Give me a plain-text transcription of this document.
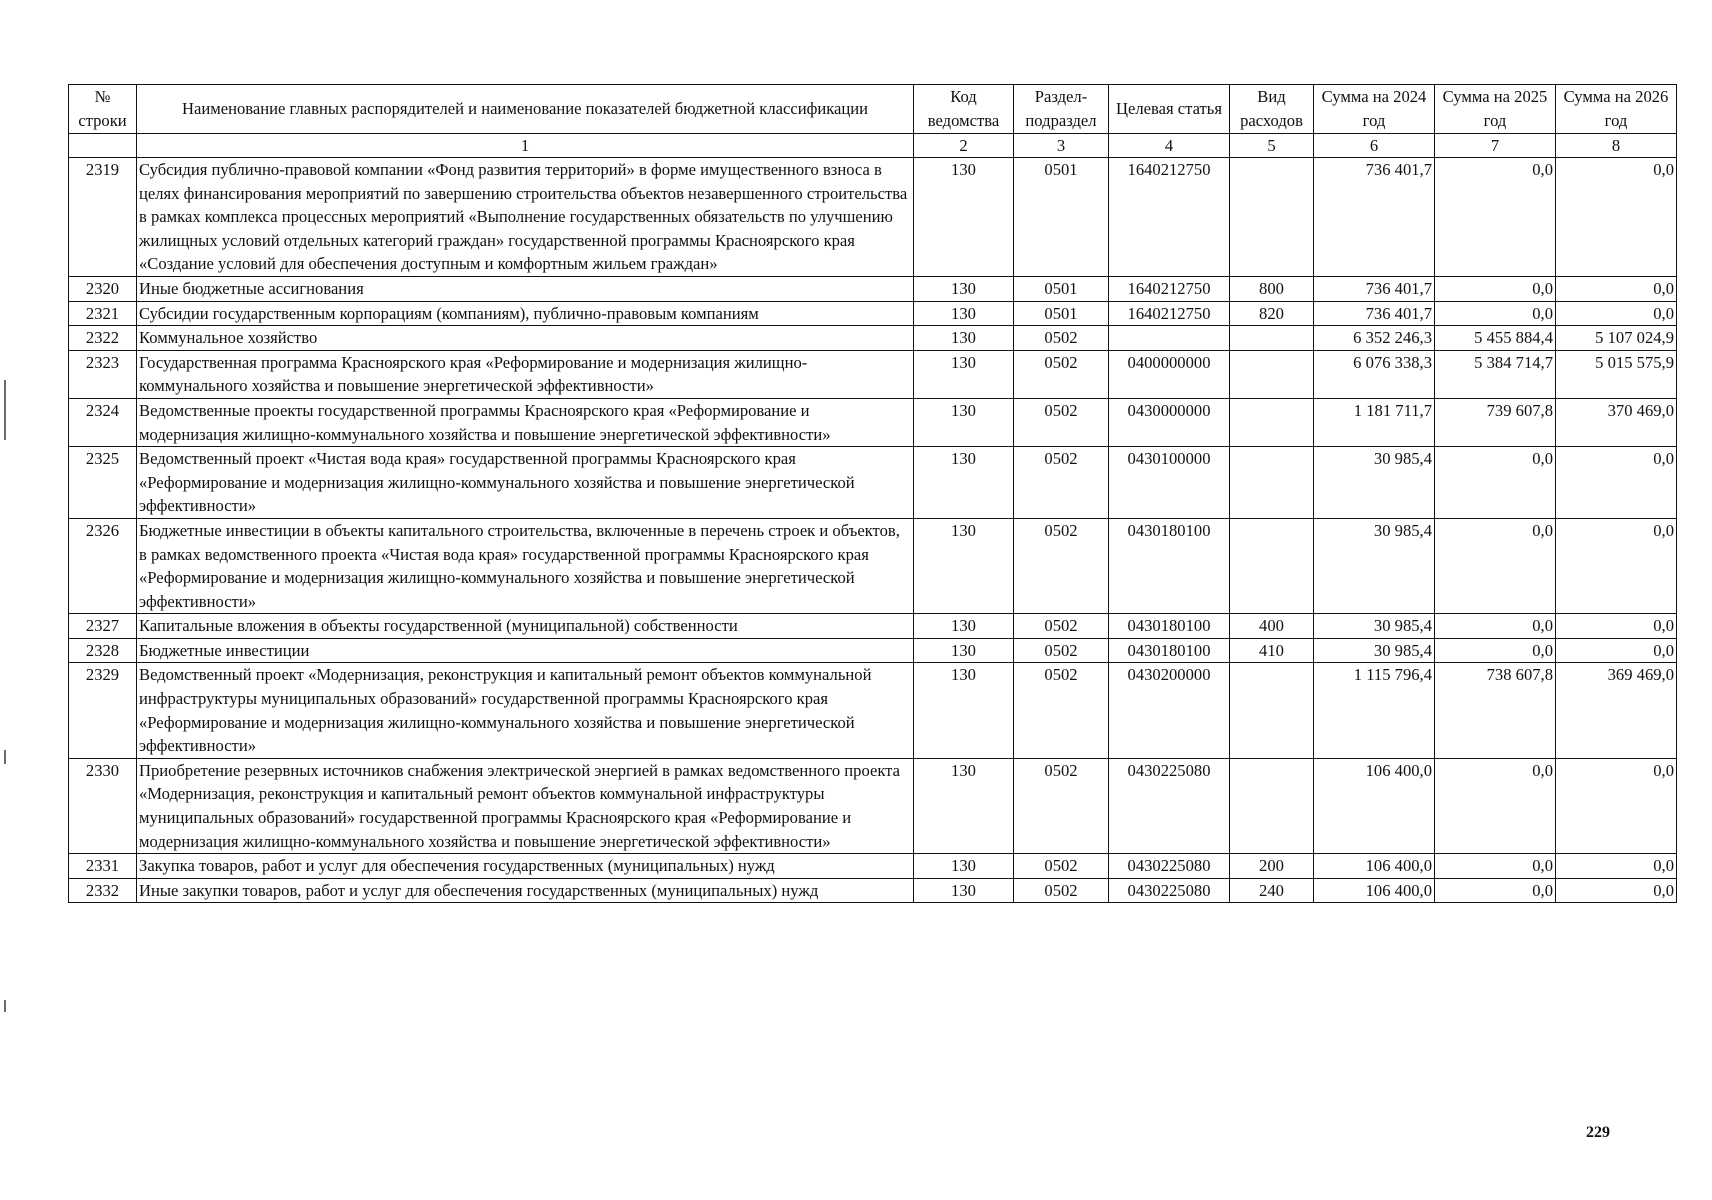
№ строки	Наименование главных распорядителей и наименование показателей бюджетной классификации	Код ведомства	Раздел-подраздел	Целевая статья	Вид расходов	Сумма на 2024 год	Сумма на 2025 год	Сумма на 2026 год
	1	2	3	4	5	6	7	8
2319	Субсидия публично-правовой компании «Фонд развития территорий» в форме имущественного взноса в целях финансирования мероприятий по завершению строительства объектов незавершенного строительства в рамках комплекса процессных мероприятий «Выполнение государственных обязательств по улучшению жилищных условий отдельных категорий граждан» государственной программы Красноярского края «Создание условий для обеспечения доступным и комфортным жильем граждан»	130	0501	1640212750		736 401,7	0,0	0,0
2320	Иные бюджетные ассигнования	130	0501	1640212750	800	736 401,7	0,0	0,0
2321	Субсидии государственным корпорациям (компаниям), публично-правовым компаниям	130	0501	1640212750	820	736 401,7	0,0	0,0
2322	Коммунальное хозяйство	130	0502			6 352 246,3	5 455 884,4	5 107 024,9
2323	Государственная программа Красноярского края «Реформирование и модернизация жилищно-коммунального хозяйства и повышение энергетической эффективности»	130	0502	0400000000		6 076 338,3	5 384 714,7	5 015 575,9
2324	Ведомственные проекты государственной программы Красноярского края «Реформирование и модернизация жилищно-коммунального хозяйства и повышение энергетической эффективности»	130	0502	0430000000		1 181 711,7	739 607,8	370 469,0
2325	Ведомственный проект «Чистая вода края» государственной программы Красноярского края «Реформирование и модернизация жилищно-коммунального хозяйства и повышение энергетической эффективности»	130	0502	0430100000		30 985,4	0,0	0,0
2326	Бюджетные инвестиции в объекты капитального строительства, включенные в перечень строек и объектов, в рамках ведомственного проекта «Чистая вода края» государственной программы Красноярского края «Реформирование и модернизация жилищно-коммунального хозяйства и повышение энергетической эффективности»	130	0502	0430180100		30 985,4	0,0	0,0
2327	Капитальные вложения в объекты государственной (муниципальной) собственности	130	0502	0430180100	400	30 985,4	0,0	0,0
2328	Бюджетные инвестиции	130	0502	0430180100	410	30 985,4	0,0	0,0
2329	Ведомственный проект «Модернизация, реконструкция и капитальный ремонт объектов коммунальной инфраструктуры муниципальных образований» государственной программы Красноярского края «Реформирование и модернизация жилищно-коммунального хозяйства и повышение энергетической эффективности»	130	0502	0430200000		1 115 796,4	738 607,8	369 469,0
2330	Приобретение резервных источников снабжения электрической энергией в рамках ведомственного проекта «Модернизация, реконструкция и капитальный ремонт объектов коммунальной инфраструктуры муниципальных образований» государственной программы Красноярского края «Реформирование и модернизация жилищно-коммунального хозяйства и повышение энергетической эффективности»	130	0502	0430225080		106 400,0	0,0	0,0
2331	Закупка товаров, работ и услуг для обеспечения государственных (муниципальных) нужд	130	0502	0430225080	200	106 400,0	0,0	0,0
2332	Иные закупки товаров, работ и услуг для обеспечения государственных (муниципальных) нужд	130	0502	0430225080	240	106 400,0	0,0	0,0
229
